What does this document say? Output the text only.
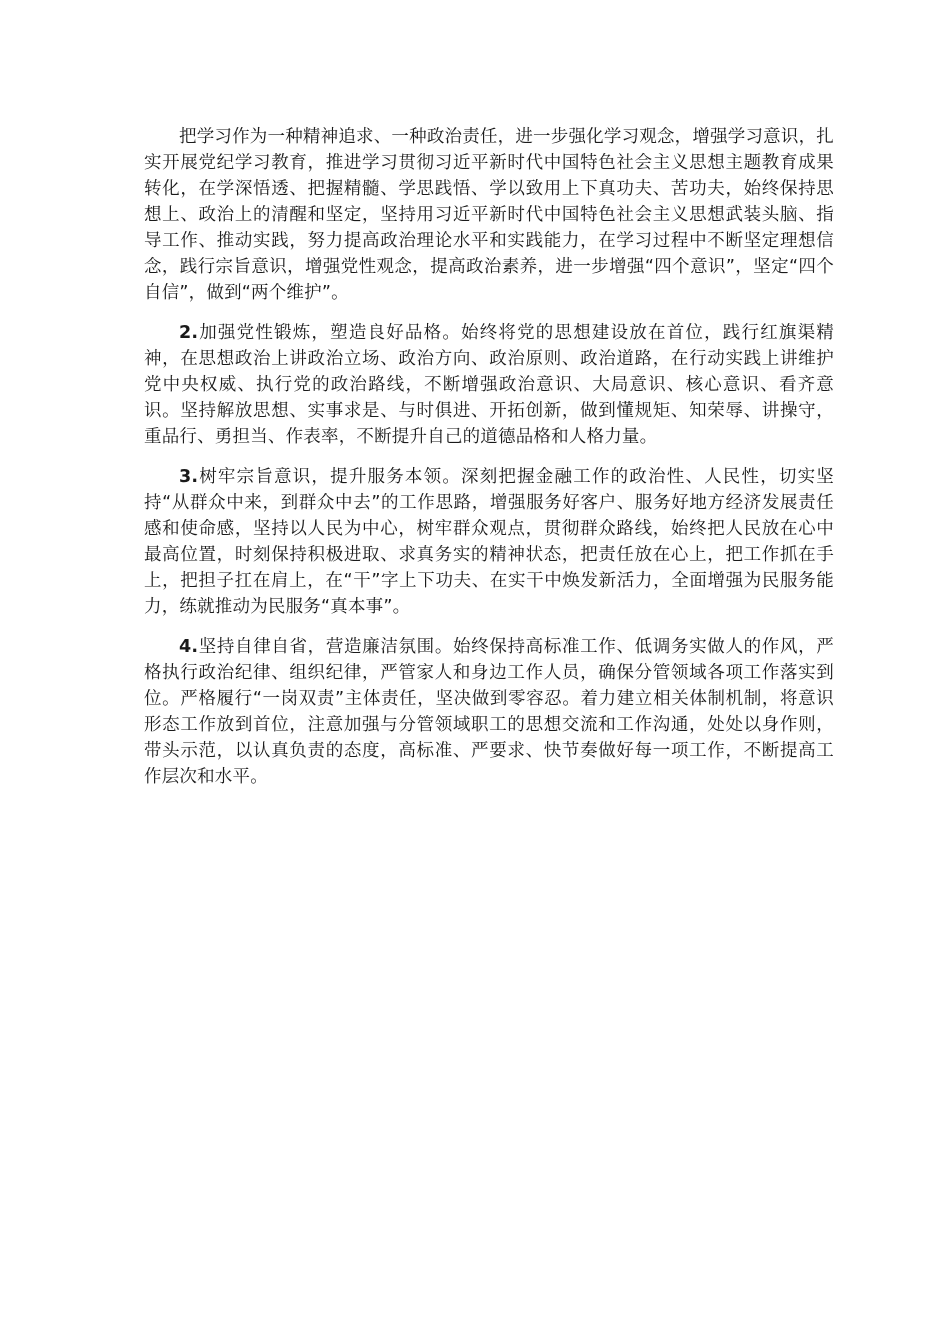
把学习作为一种精神追求、一种政治责任，进一步强化学习观念，增强学习意识，扎实开展党纪学习教育，推进学习贯彻习近平新时代中国特色社会主义思想主题教育成果转化，在学深悟透、把握精髓、学思践悟、学以致用上下真功夫、苦功夫，始终保持思想上、政治上的清醒和坚定，坚持用习近平新时代中国特色社会主义思想武装头脑、指导工作、推动实践，努力提高政治理论水平和实践能力，在学习过程中不断坚定理想信念，践行宗旨意识，增强党性观念，提高政治素养，进一步增强“四个意识”，坚定“四个自信”，做到“两个维护”。

2.加强党性锻炼，塑造良好品格。始终将党的思想建设放在首位，践行红旗渠精神，在思想政治上讲政治立场、政治方向、政治原则、政治道路，在行动实践上讲维护党中央权威、执行党的政治路线，不断增强政治意识、大局意识、核心意识、看齐意识。坚持解放思想、实事求是、与时俱进、开拓创新，做到懂规矩、知荣辱、讲操守，重品行、勇担当、作表率，不断提升自己的道德品格和人格力量。

3.树牢宗旨意识，提升服务本领。深刻把握金融工作的政治性、人民性，切实坚持“从群众中来，到群众中去”的工作思路，增强服务好客户、服务好地方经济发展责任感和使命感，坚持以人民为中心，树牢群众观点，贯彻群众路线，始终把人民放在心中最高位置，时刻保持积极进取、求真务实的精神状态，把责任放在心上，把工作抓在手上，把担子扛在肩上，在“干”字上下功夫、在实干中焕发新活力，全面增强为民服务能力，练就推动为民服务“真本事”。

4.坚持自律自省，营造廉洁氛围。始终保持高标准工作、低调务实做人的作风，严格执行政治纪律、组织纪律，严管家人和身边工作人员，确保分管领域各项工作落实到位。严格履行“一岗双责”主体责任，坚决做到零容忍。着力建立相关体制机制，将意识形态工作放到首位，注意加强与分管领域职工的思想交流和工作沟通，处处以身作则，带头示范，以认真负责的态度，高标准、严要求、快节奏做好每一项工作，不断提高工作层次和水平。
